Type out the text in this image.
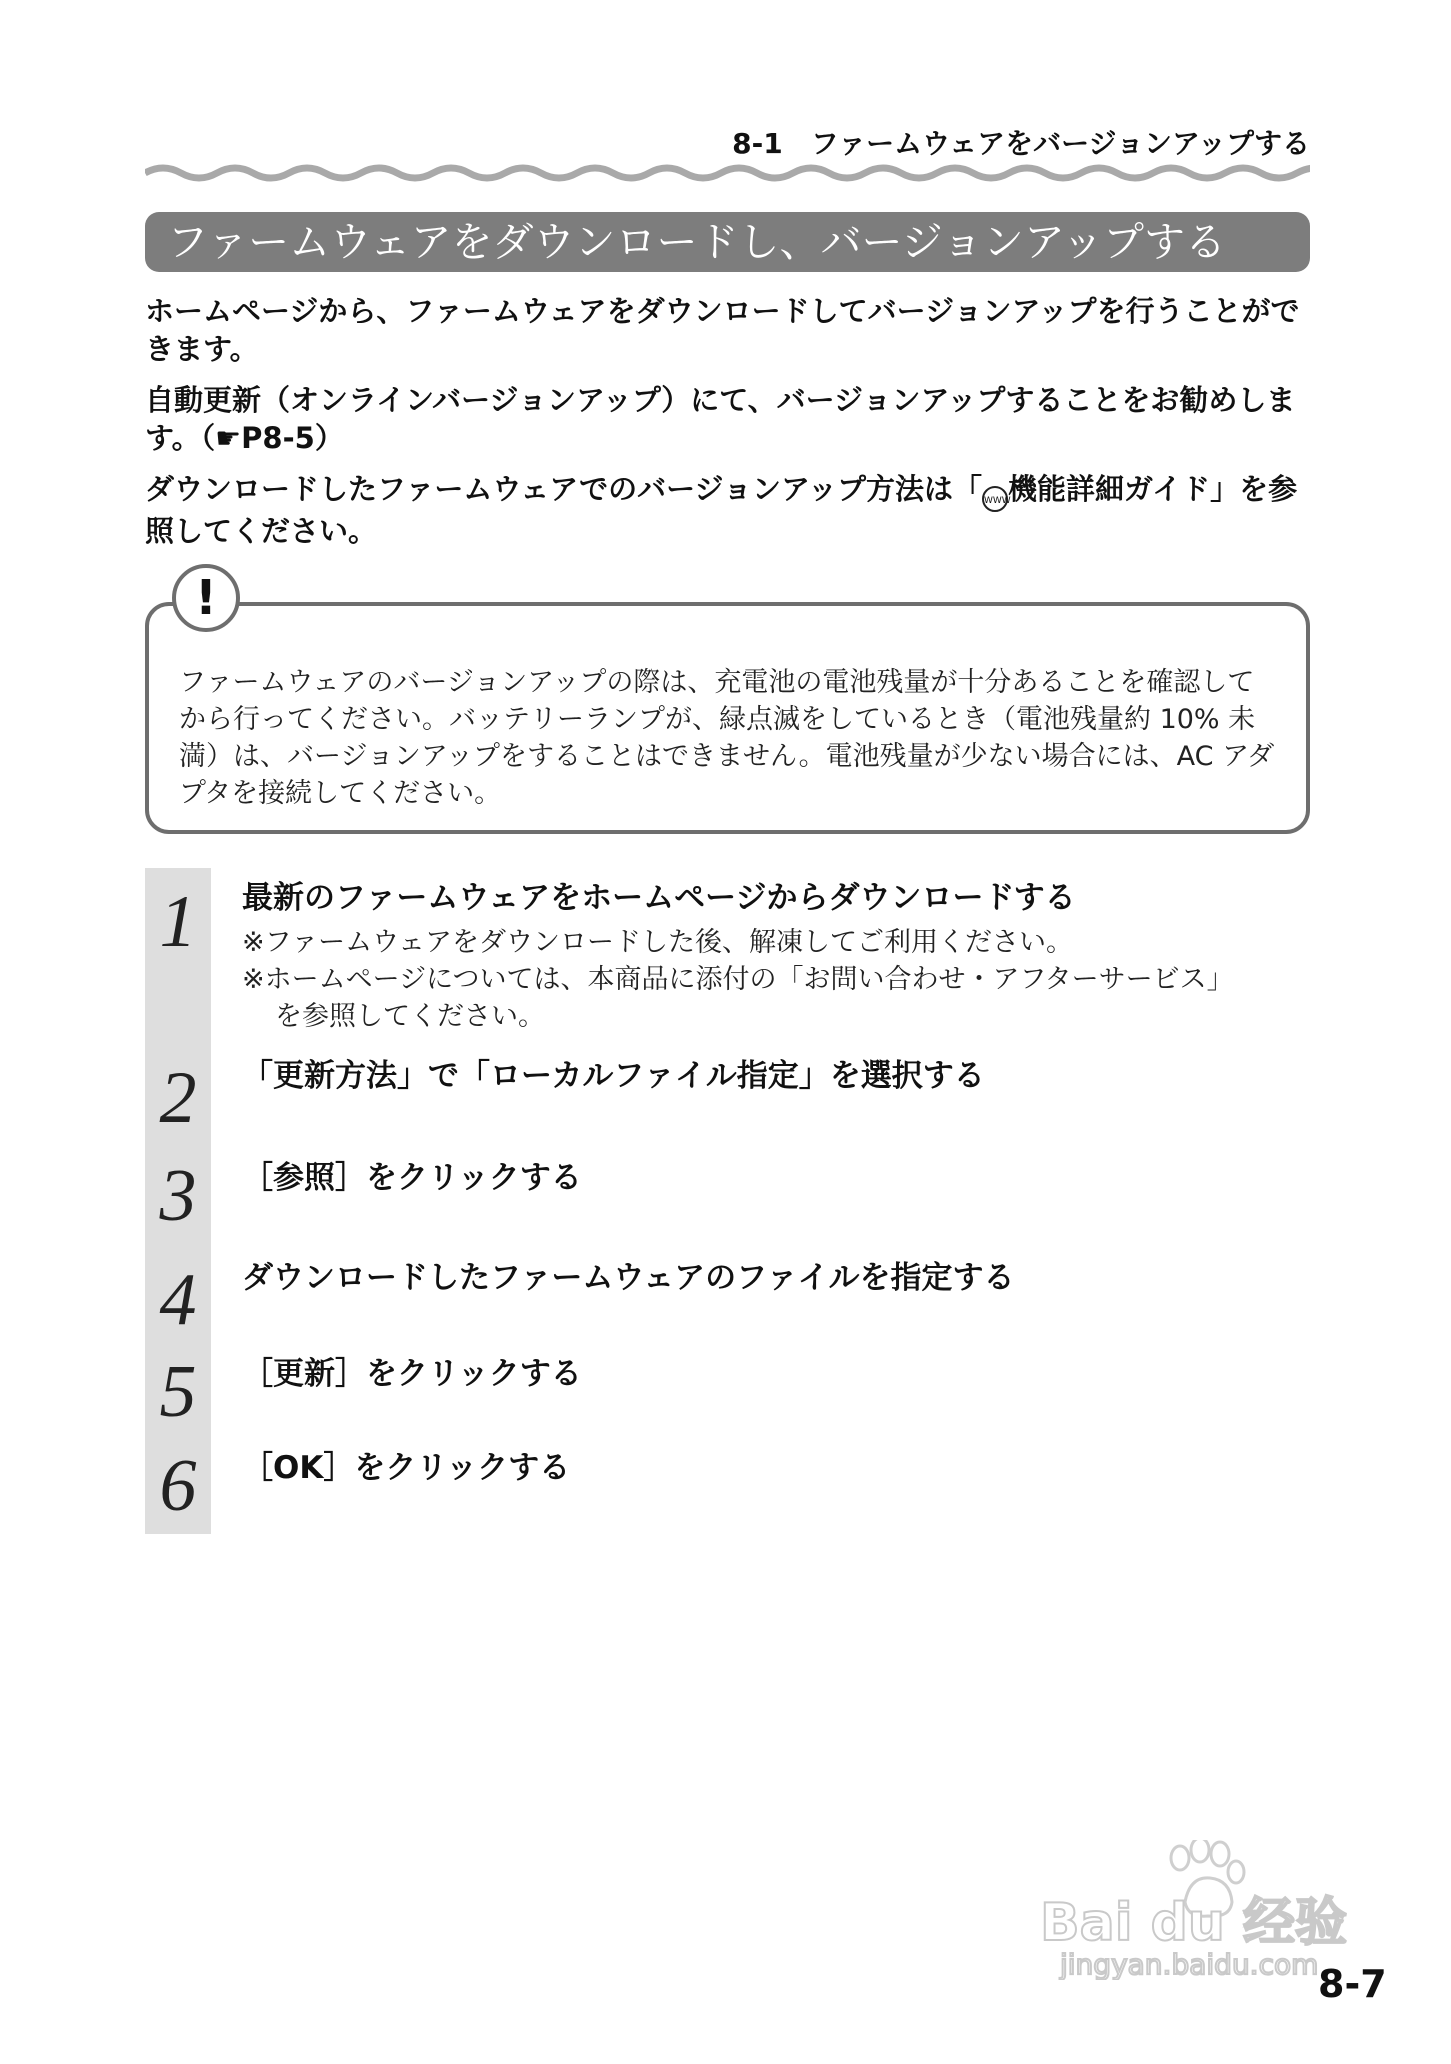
8-1　ファームウェアをバージョンアップする
ファームウェアをダウンロードし、バージョンアップする

ホームページから、ファームウェアをダウンロードしてバージョンアップを行うことができます。

自動更新（オンラインバージョンアップ）にて、バージョンアップすることをお勧めします。（☛P8-5）

ダウンロードしたファームウェアでのバージョンアップ方法は「 WWW機能詳細ガイド」を参照してください。

ファームウェアのバージョンアップの際は、充電池の電池残量が十分あることを確認してから行ってください。バッテリーランプが、緑点滅をしているとき（電池残量約 10% 未満）は、バージョンアップをすることはできません。電池残量が少ない場合には、AC アダプタを接続してください。
!
1	最新のファームウェアをホームページからダウンロードする
※ファームウェアをダウンロードした後、解凍してご利用ください。
※ホームページについては、本商品に添付の「お問い合わせ・アフターサービス」
を参照してください。
2	「更新方法」で「ローカルファイル指定」を選択する
3	［参照］をクリックする
4	ダウンロードしたファームウェアのファイルを指定する
5	［更新］をクリックする
6	［OK］をクリックする
Bai du 经验
jingyan.baidu.com 8-7
